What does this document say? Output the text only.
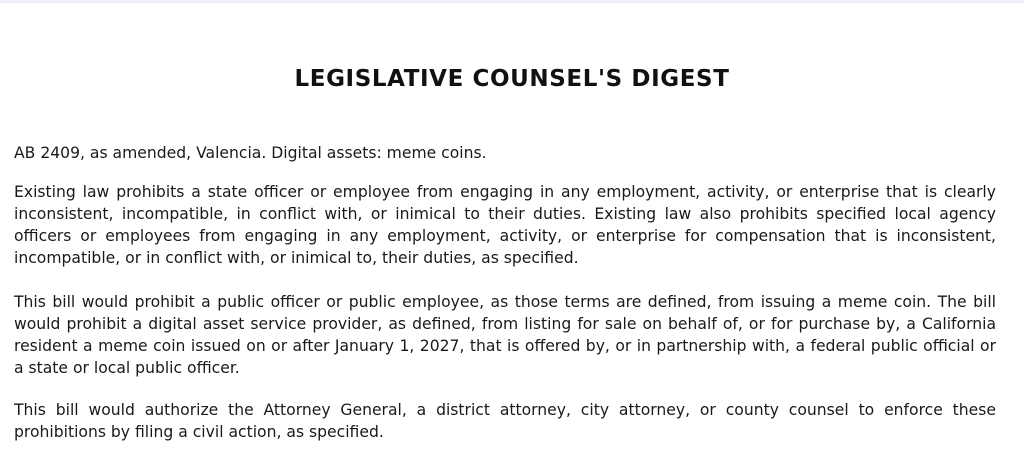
LEGISLATIVE COUNSEL'S DIGEST

AB 2409, as amended, Valencia. Digital assets: meme coins.

Existing law prohibits a state officer or employee from engaging in any employment, activity, or enterprise that is clearly inconsistent, incompatible, in conflict with, or inimical to their duties. Existing law also prohibits specified local agency officers or employees from engaging in any employment, activity, or enterprise for compensation that is inconsistent, incompatible, or in conflict with, or inimical to, their duties, as specified.

This bill would prohibit a public officer or public employee, as those terms are defined, from issuing a meme coin. The bill would prohibit a digital asset service provider, as defined, from listing for sale on behalf of, or for purchase by, a California resident a meme coin issued on or after January 1, 2027, that is offered by, or in partnership with, a federal public official or a state or local public officer.

This bill would authorize the Attorney General, a district attorney, city attorney, or county counsel to enforce these prohibitions by filing a civil action, as specified.
